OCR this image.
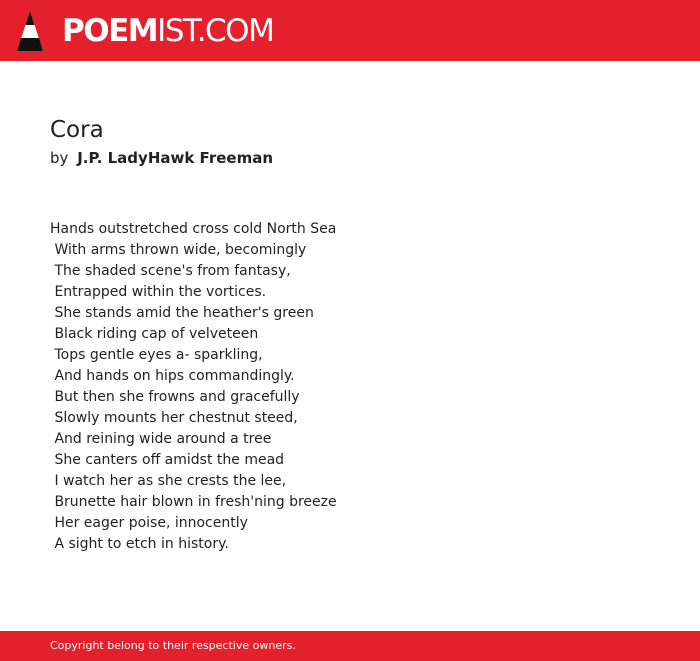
POEMIST.COM
Cora
by J.P. LadyHawk Freeman
Hands outstretched cross cold North Sea
With arms thrown wide, becomingly
The shaded scene's from fantasy,
Entrapped within the vortices.
She stands amid the heather's green
Black riding cap of velveteen
Tops gentle eyes a- sparkling,
And hands on hips commandingly.
But then she frowns and gracefully
Slowly mounts her chestnut steed,
And reining wide around a tree
She canters off amidst the mead
I watch her as she crests the lee,
Brunette hair blown in fresh'ning breeze
Her eager poise, innocently
A sight to etch in history.
Copyright belong to their respective owners.
